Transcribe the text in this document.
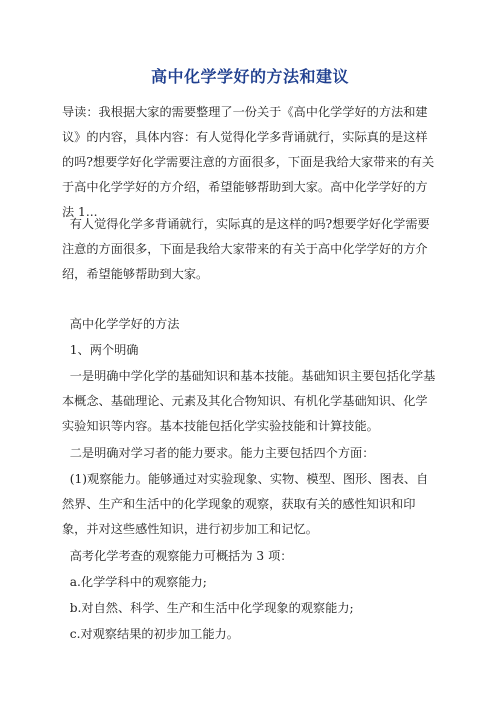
高中化学学好的方法和建议

导读：我根据大家的需要整理了一份关于《高中化学学好的方法和建议》的内容，具体内容：有人觉得化学多背诵就行，实际真的是这样的吗?想要学好化学需要注意的方面很多，下面是我给大家带来的有关于高中化学学好的方介绍，希望能够帮助到大家。高中化学学好的方法 1...

有人觉得化学多背诵就行，实际真的是这样的吗?想要学好化学需要注意的方面很多，下面是我给大家带来的有关于高中化学学好的方介绍，希望能够帮助到大家。

高中化学学好的方法

1、两个明确

一是明确中学化学的基础知识和基本技能。基础知识主要包括化学基本概念、基础理论、元素及其化合物知识、有机化学基础知识、化学实验知识等内容。基本技能包括化学实验技能和计算技能。

二是明确对学习者的能力要求。能力主要包括四个方面：

(1)观察能力。能够通过对实验现象、实物、模型、图形、图表、自然界、生产和生活中的化学现象的观察，获取有关的感性知识和印象，并对这些感性知识，进行初步加工和记忆。

高考化学考查的观察能力可概括为 3 项：

a.化学学科中的观察能力;

b.对自然、科学、生产和生活中化学现象的观察能力;

c.对观察结果的初步加工能力。
